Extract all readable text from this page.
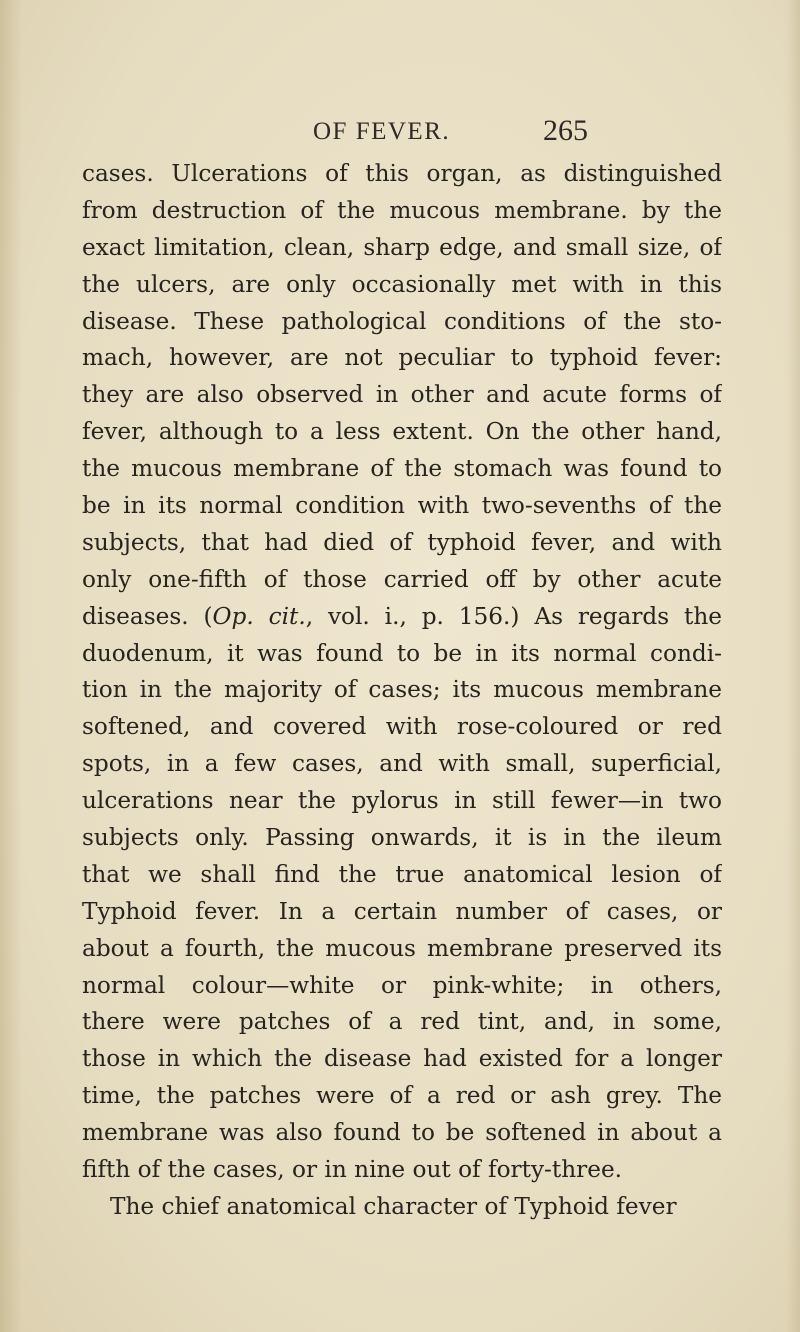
OF FEVER.	265
cases. Ulcerations of this organ, as distinguished
from destruction of the mucous membrane. by the
exact limitation, clean, sharp edge, and small size, of
the ulcers, are only occasionally met with in this
disease. These pathological conditions of the sto-
mach, however, are not peculiar to typhoid fever:
they are also observed in other and acute forms of
fever, although to a less extent. On the other hand,
the mucous membrane of the stomach was found to
be in its normal condition with two-sevenths of the
subjects, that had died of typhoid fever, and with
only one-fifth of those carried off by other acute
diseases. (Op. cit., vol. i., p. 156.) As regards the
duodenum, it was found to be in its normal condi-
tion in the majority of cases; its mucous membrane
softened, and covered with rose-coloured or red
spots, in a few cases, and with small, superficial,
ulcerations near the pylorus in still fewer—in two
subjects only. Passing onwards, it is in the ileum
that we shall find the true anatomical lesion of
Typhoid fever. In a certain number of cases, or
about a fourth, the mucous membrane preserved its
normal colour—white or pink-white; in others,
there were patches of a red tint, and, in some,
those in which the disease had existed for a longer
time, the patches were of a red or ash grey. The
membrane was also found to be softened in about a
fifth of the cases, or in nine out of forty-three.
The chief anatomical character of Typhoid fever
